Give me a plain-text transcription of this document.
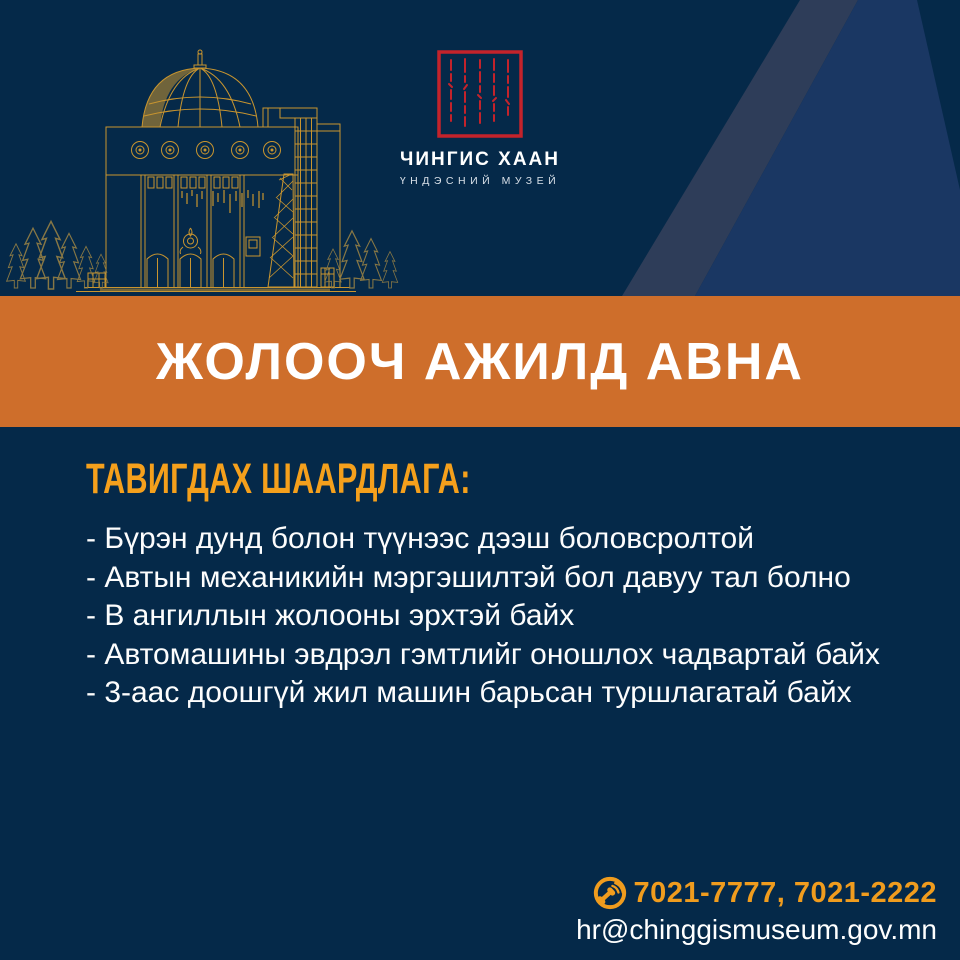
ЧИНГИС ХААН
ҮНДЭСНИЙ МУЗЕЙ
ЖОЛООЧ АЖИЛД АВНА
ТАВИГДАХ ШААРДЛАГА:
- Бүрэн дунд болон түүнээс дээш боловсролтой
- Автын механикийн мэргэшилтэй бол давуу тал болно
- В ангиллын жолооны эрхтэй байх
- Автомашины эвдрэл гэмтлийг оношлох чадвартай байх
- 3-аас доошгүй жил машин барьсан туршлагатай байх
7021-7777, 7021-2222
hr@chinggismuseum.gov.mn
